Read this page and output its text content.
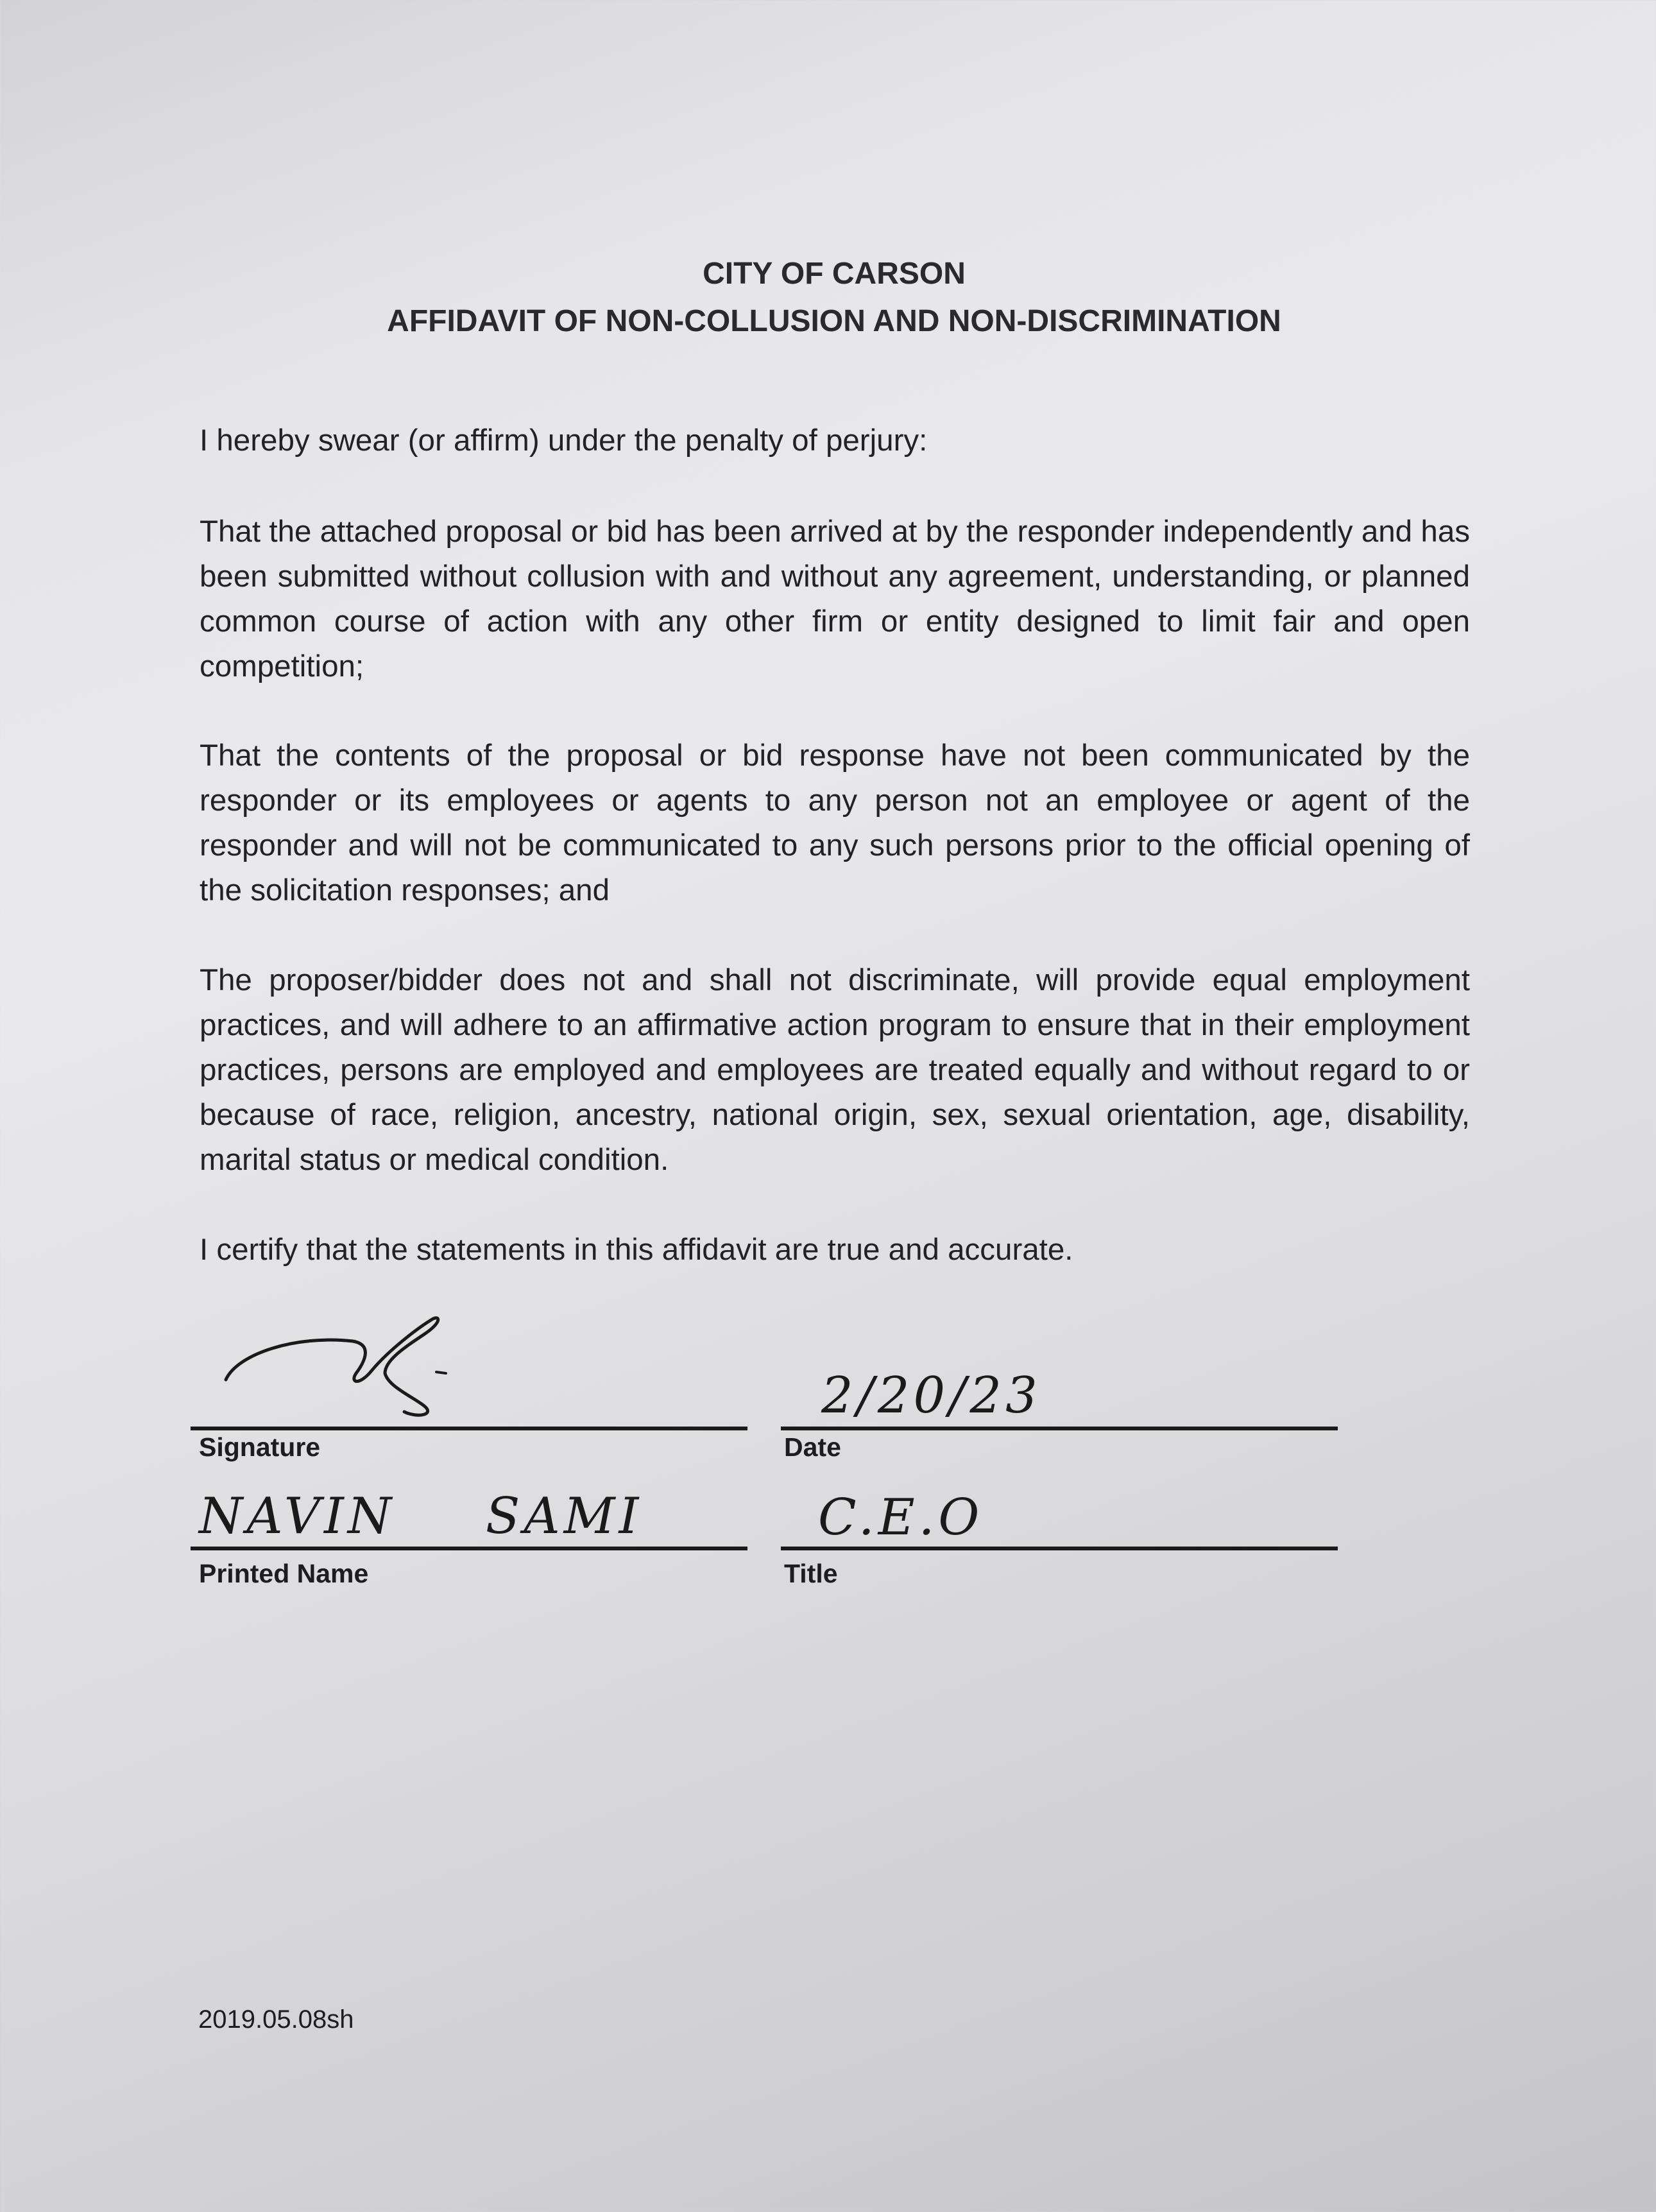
CITY OF CARSON
AFFIDAVIT OF NON-COLLUSION AND NON-DISCRIMINATION
I hereby swear (or affirm) under the penalty of perjury:
That the attached proposal or bid has been arrived at by the responder independently and has been submitted without collusion with and without any agreement, understanding, or planned common course of action with any other firm or entity designed to limit fair and open competition;
That the contents of the proposal or bid response have not been communicated by the responder or its employees or agents to any person not an employee or agent of the responder and will not be communicated to any such persons prior to the official opening of the solicitation responses; and
The proposer/bidder does not and shall not discriminate, will provide equal employment practices, and will adhere to an affirmative action program to ensure that in their employment practices, persons are employed and employees are treated equally and without regard to or because of race, religion, ancestry, national origin, sex, sexual orientation, age, disability, marital status or medical condition.
I certify that the statements in this affidavit are true and accurate.
Signature
2/20/23
Date
NAVIN SAMI
Printed Name
C.E.O
Title
2019.05.08sh
